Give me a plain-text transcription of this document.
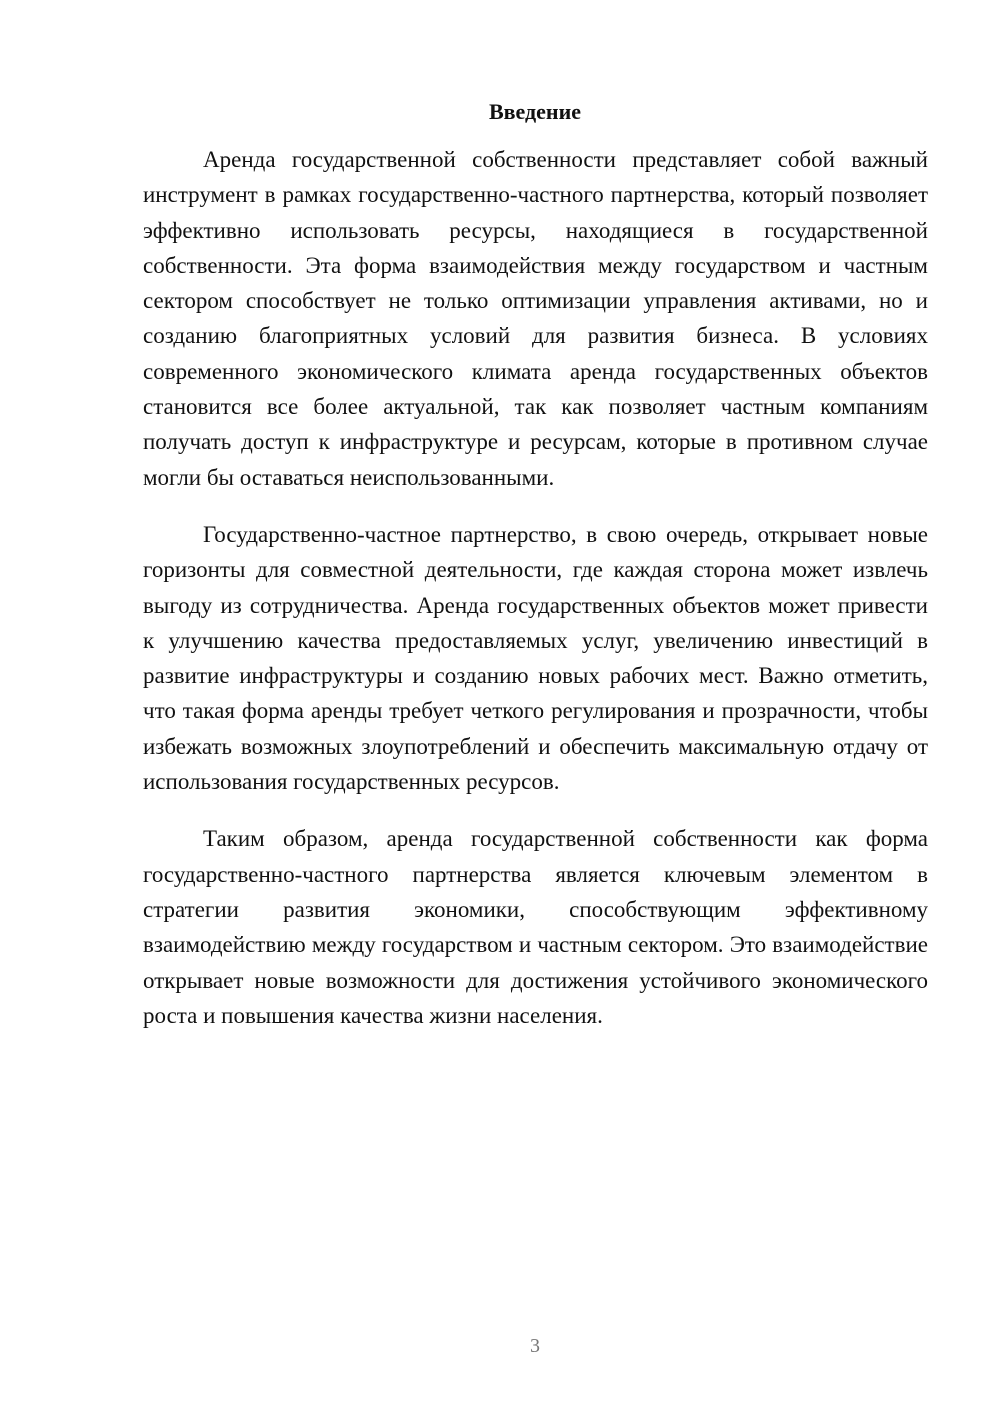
Введение

Аренда государственной собственности представляет собой важный инструмент в рамках государственно-частного партнерства, который позволяет эффективно использовать ресурсы, находящиеся в государственной собственности. Эта форма взаимодействия между государством и частным сектором способствует не только оптимизации управления активами, но и созданию благоприятных условий для развития бизнеса. В условиях современного экономического климата аренда государственных объектов становится все более актуальной, так как позволяет частным компаниям получать доступ к инфраструктуре и ресурсам, которые в противном случае могли бы оставаться неиспользованными.

Государственно-частное партнерство, в свою очередь, открывает новые горизонты для совместной деятельности, где каждая сторона может извлечь выгоду из сотрудничества. Аренда государственных объектов может привести к улучшению качества предоставляемых услуг, увеличению инвестиций в развитие инфраструктуры и созданию новых рабочих мест. Важно отметить, что такая форма аренды требует четкого регулирования и прозрачности, чтобы избежать возможных злоупотреблений и обеспечить максимальную отдачу от использования государственных ресурсов.

Таким образом, аренда государственной собственности как форма государственно-частного партнерства является ключевым элементом в стратегии развития экономики, способствующим эффективному взаимодействию между государством и частным сектором. Это взаимодействие открывает новые возможности для достижения устойчивого экономического роста и повышения качества жизни населения.

3
